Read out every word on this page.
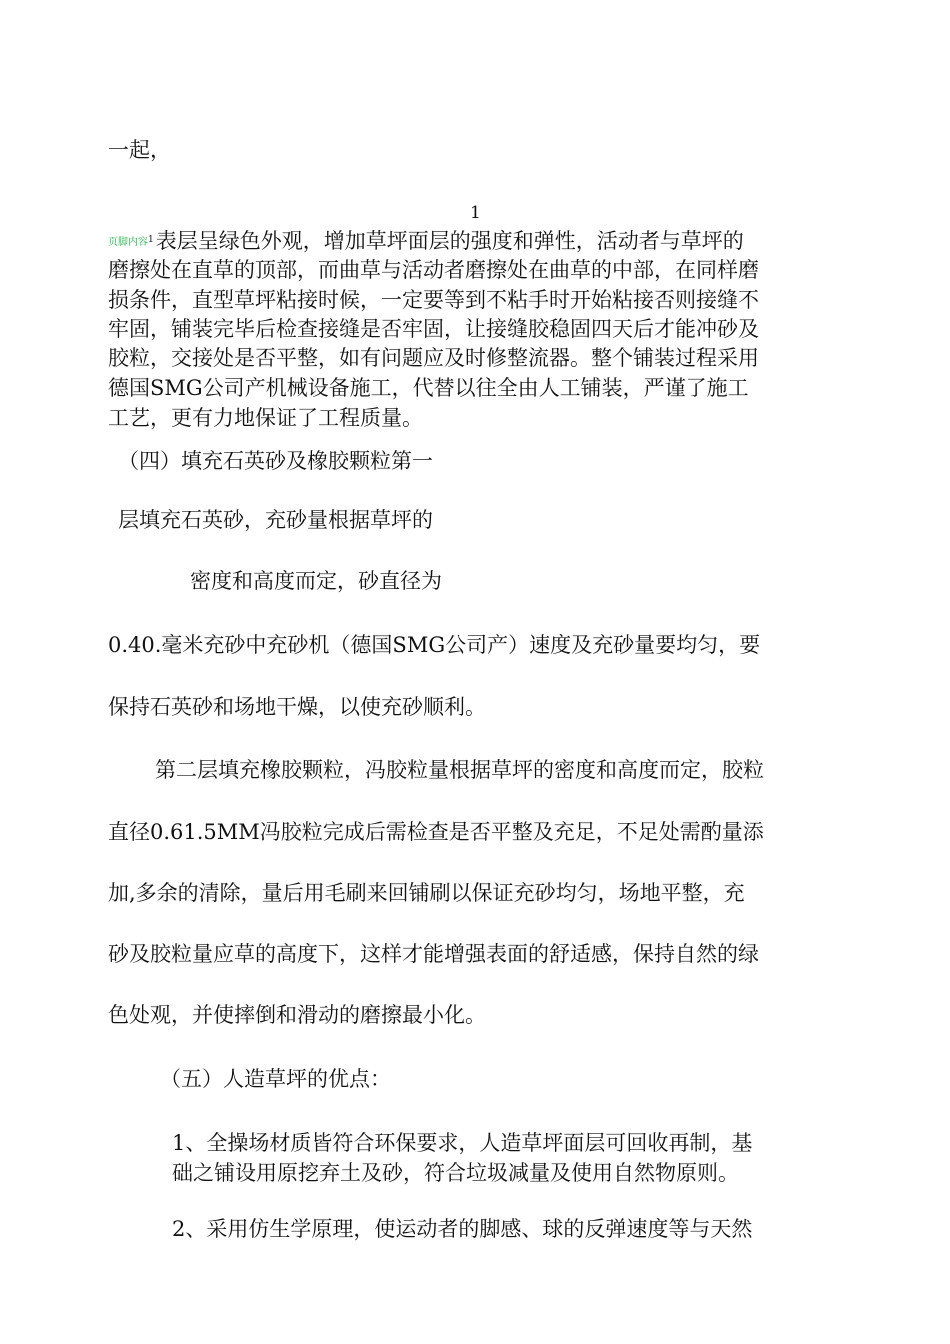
一起，
1
页脚内容$^1$表层呈绿色外观，增加草坪面层的强度和弹性，活动者与草坪的
磨擦处在直草的顶部，而曲草与活动者磨擦处在曲草的中部，在同样磨
损条件，直型草坪粘接时候，一定要等到不粘手时开始粘接否则接缝不
牢固，铺装完毕后检查接缝是否牢固，让接缝胶稳固四天后才能冲砂及
胶粒，交接处是否平整，如有问题应及时修整流器。整个铺装过程采用
德国SMG公司产机械设备施工，代替以往全由人工铺装，严谨了施工
工艺，更有力地保证了工程质量。
（四）填充石英砂及橡胶颗粒第一
层填充石英砂，充砂量根据草坪的
密度和高度而定，砂直径为
0.40.毫米充砂中充砂机（德国SMG公司产）速度及充砂量要均匀，要
保持石英砂和场地干燥，以使充砂顺利。
第二层填充橡胶颗粒，冯胶粒量根据草坪的密度和高度而定，胶粒
直径0.61.5MM冯胶粒完成后需检查是否平整及充足，不足处需酌量添
加,多余的清除，量后用毛刷来回铺刷以保证充砂均匀，场地平整，充
砂及胶粒量应草的高度下，这样才能增强表面的舒适感，保持自然的绿
色处观，并使摔倒和滑动的磨擦最小化。
（五）人造草坪的优点：
1、全操场材质皆符合环保要求，人造草坪面层可回收再制，基
础之铺设用原挖弃土及砂，符合垃圾减量及使用自然物原则。
2、采用仿生学原理，使运动者的脚感、球的反弹速度等与天然
